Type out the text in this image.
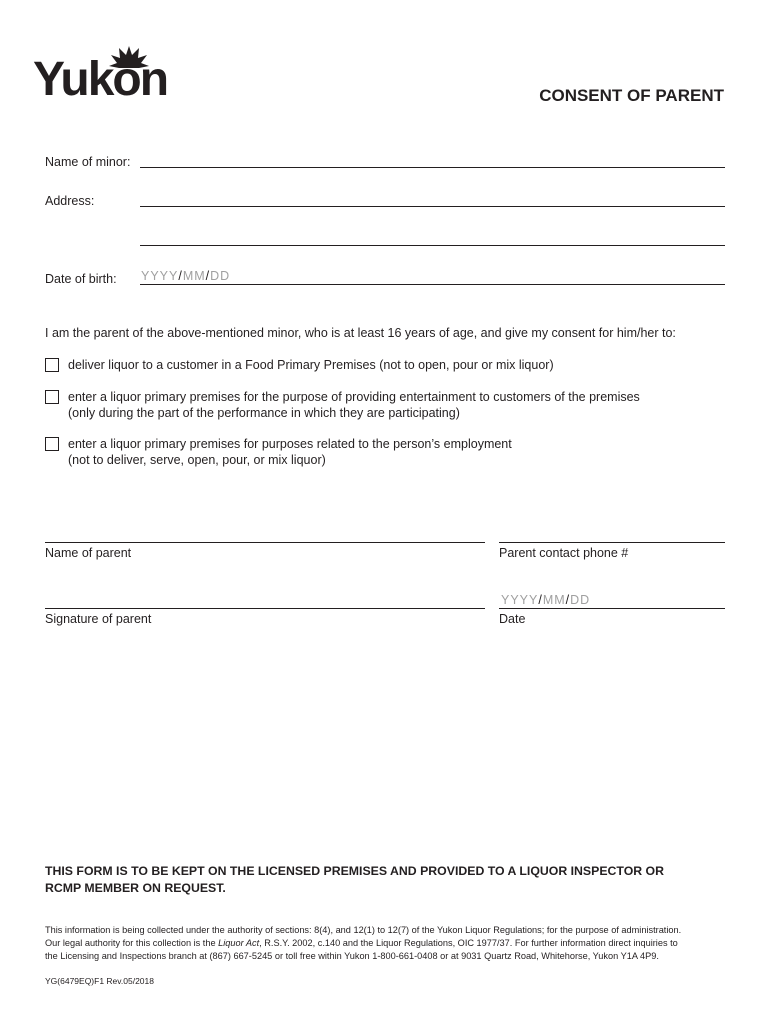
Yukon	CONSENT OF PARENT
Name of minor:
Address:
Date of birth: YYYY/MM/DD
I am the parent of the above-mentioned minor, who is at least 16 years of age, and give my consent for him/her to:
deliver liquor to a customer in a Food Primary Premises (not to open, pour or mix liquor)
enter a liquor primary premises for the purpose of providing entertainment to customers of the premises
(only during the part of the performance in which they are participating)
enter a liquor primary premises for purposes related to the person’s employment
(not to deliver, serve, open, pour, or mix liquor)
Name of parent	Parent contact phone #
YYYY/MM/DD
Signature of parent	Date
THIS FORM IS TO BE KEPT ON THE LICENSED PREMISES AND PROVIDED TO A LIQUOR INSPECTOR OR
RCMP MEMBER ON REQUEST.
This information is being collected under the authority of sections: 8(4), and 12(1) to 12(7) of the Yukon Liquor Regulations; for the purpose of administration.
Our legal authority for this collection is the Liquor Act, R.S.Y. 2002, c.140 and the Liquor Regulations, OIC 1977/37. For further information direct inquiries to
the Licensing and Inspections branch at (867) 667-5245 or toll free within Yukon 1-800-661-0408 or at 9031 Quartz Road, Whitehorse, Yukon Y1A 4P9.
YG(6479EQ)F1 Rev.05/2018
